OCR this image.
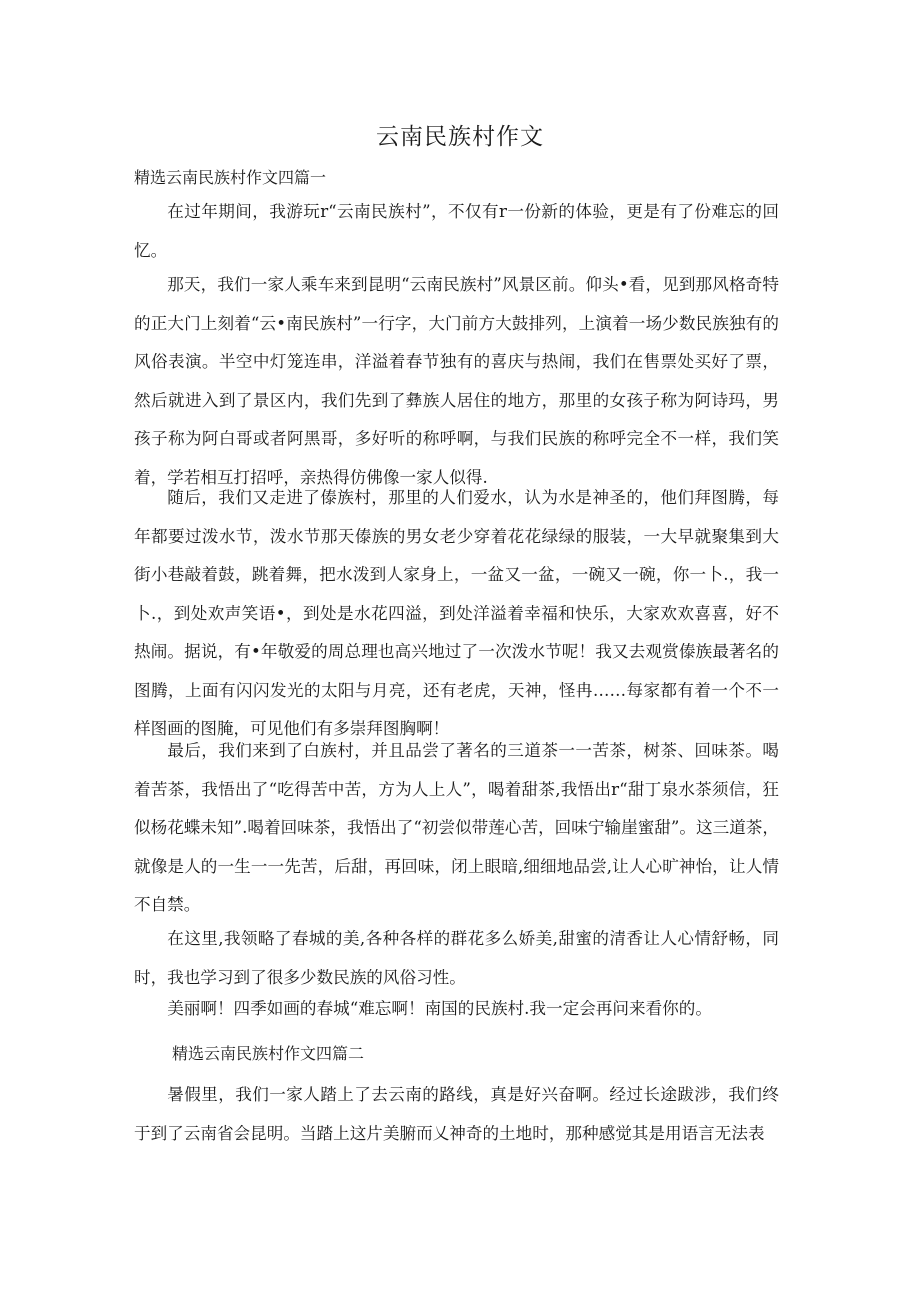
云南民族村作文
精选云南民族村作文四篇一
在过年期间，我游玩r“云南民族村”，不仅有r一份新的体验，更是有了份难忘的回忆。
那天，我们一家人乘车来到昆明“云南民族村”风景区前。仰头•看，见到那风格奇特的正大门上刻着“云•南民族村”一行字，大门前方大鼓排列，上演着一场少数民族独有的风俗表演。半空中灯笼连串，洋溢着春节独有的喜庆与热闹，我们在售票处买好了票，然后就进入到了景区内，我们先到了彝族人居住的地方，那里的女孩子称为阿诗玛，男孩子称为阿白哥或者阿黑哥，多好听的称呼啊，与我们民族的称呼完全不一样，我们笑着，学若相互打招呼，亲热得仿佛像一家人似得.
随后，我们又走进了傣族村，那里的人们爱水，认为水是神圣的，他们拜图腾，每年都要过泼水节，泼水节那天傣族的男女老少穿着花花绿绿的服装，一大早就聚集到大街小巷敲着鼓，跳着舞，把水泼到人家身上，一盆又一盆，一碗又一碗，你一卜.，我一卜.，到处欢声笑语•，到处是水花四溢，到处洋溢着幸福和快乐，大家欢欢喜喜，好不热闹。据说，有•年敬爱的周总理也高兴地过了一次泼水节呢！我又去观赏傣族最著名的图腾，上面有闪闪发光的太阳与月亮，还有老虎，天神，怪冉……每家都有着一个不一样图画的图腌，可见他们有多崇拜图胸啊！
最后，我们来到了白族村，并且品尝了著名的三道茶一一苦茶，树茶、回味茶。喝着苦茶，我悟出了“吃得苦中苦，方为人上人”，喝着甜茶,我悟出r“甜丁泉水茶须信，狂似杨花蝶未知”.喝着回味茶，我悟出了“初尝似带莲心苦，回味宁输崖蜜甜”。这三道茶，就像是人的一生一一先苦，后甜，再回味，闭上眼暗,细细地品尝,让人心旷神怡，让人情不自禁。
在这里,我领略了春城的美,各种各样的群花多么娇美,甜蜜的清香让人心情舒畅，同时，我也学习到了很多少数民族的风俗习性。
美丽啊！四季如画的春城“难忘啊！南国的民族村.我一定会再问来看你的。
精选云南民族村作文四篇二
暑假里，我们一家人踏上了去云南的路线，真是好兴奋啊。经过长途跋涉，我们终于到了云南省会昆明。当踏上这片美腑而乂神奇的土地时，那种感觉其是用语言无法表
